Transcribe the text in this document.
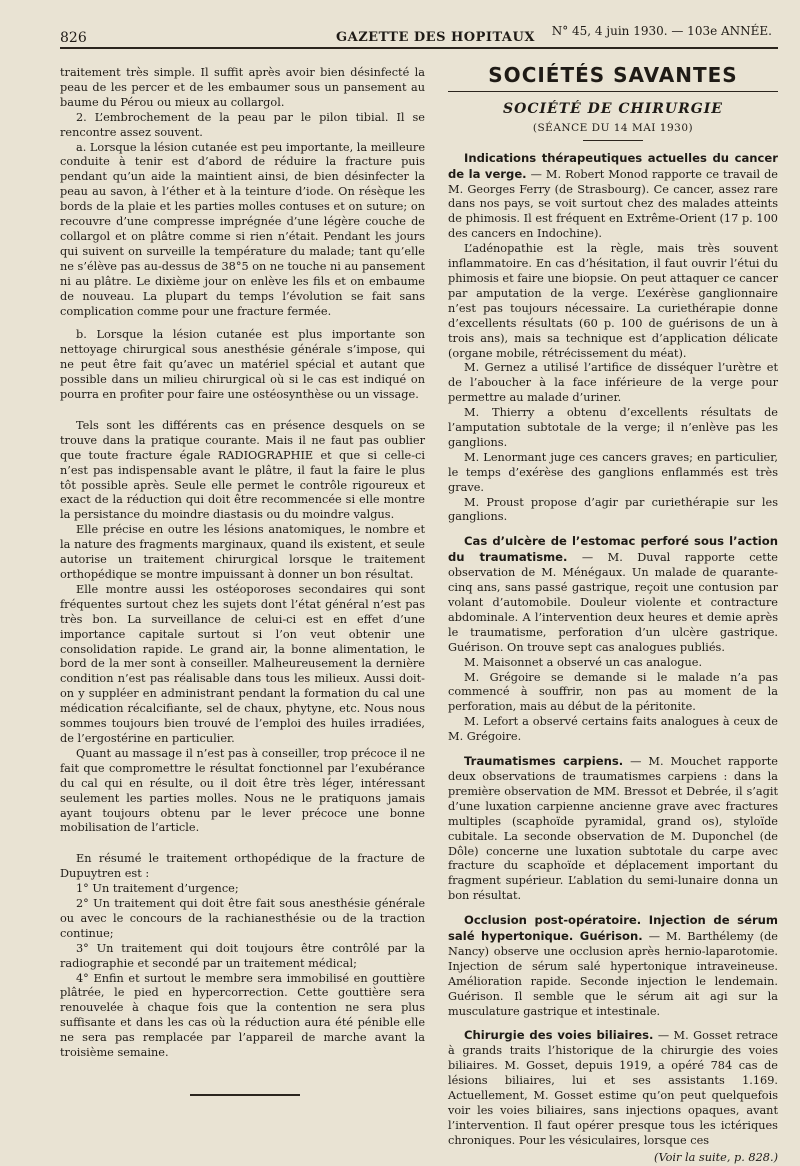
826	GAZETTE DES HOPITAUX N° 45, 4 juin 1930. — 103e ANNÉE.

traitement très simple. Il suffit après avoir bien désinfecté la peau de les percer et de les embaumer sous un pansement au baume du Pérou ou mieux au collargol.

2. L’embrochement de la peau par le pilon tibial. Il se rencontre assez souvent.

a. Lorsque la lésion cutanée est peu importante, la meilleure conduite à tenir est d’abord de réduire la fracture puis pendant qu’un aide la maintient ainsi, de bien désinfecter la peau au savon, à l’éther et à la teinture d’iode. On résèque les bords de la plaie et les parties molles contuses et on suture; on recouvre d’une compresse imprégnée d’une légère couche de collargol et on plâtre comme si rien n’était. Pendant les jours qui suivent on surveille la température du malade; tant qu’elle ne s’élève pas au-dessus de 38°5 on ne touche ni au pansement ni au plâtre. Le dixième jour on enlève les fils et on embaume de nouveau. La plupart du temps l’évolution se fait sans complication comme pour une fracture fermée.

b. Lorsque la lésion cutanée est plus importante son nettoyage chirurgical sous anesthésie générale s’impose, qui ne peut être fait qu’avec un matériel spécial et autant que possible dans un milieu chirurgical où si le cas est indiqué on pourra en profiter pour faire une ostéosynthèse ou un vissage.

Tels sont les différents cas en présence desquels on se trouve dans la pratique courante. Mais il ne faut pas oublier que toute fracture égale RADIOGRAPHIE et que si celle-ci n’est pas indispensable avant le plâtre, il faut la faire le plus tôt possible après. Seule elle permet le contrôle rigoureux et exact de la réduction qui doit être recommencée si elle montre la persistance du moindre diastasis ou du moindre valgus.

Elle précise en outre les lésions anatomiques, le nombre et la nature des fragments marginaux, quand ils existent, et seule autorise un traitement chirurgical lorsque le traitement orthopédique se montre impuissant à donner un bon résultat.

Elle montre aussi les ostéoporoses secondaires qui sont fréquentes surtout chez les sujets dont l’état général n’est pas très bon. La surveillance de celui-ci est en effet d’une importance capitale surtout si l’on veut obtenir une consolidation rapide. Le grand air, la bonne alimentation, le bord de la mer sont à conseiller. Malheureusement la dernière condition n’est pas réalisable dans tous les milieux. Aussi doit-on y suppléer en administrant pendant la formation du cal une médication récalcifiante, sel de chaux, phytyne, etc. Nous nous sommes toujours bien trouvé de l’emploi des huiles irradiées, de l’ergostérine en particulier.

Quant au massage il n’est pas à conseiller, trop précoce il ne fait que compromettre le résultat fonctionnel par l’exubérance du cal qui en résulte, ou il doit être très léger, intéressant seulement les parties molles. Nous ne le pratiquons jamais ayant toujours obtenu par le lever précoce une bonne mobilisation de l’article.

En résumé le traitement orthopédique de la fracture de Dupuytren est :

1° Un traitement d’urgence;

2° Un traitement qui doit être fait sous anesthésie générale ou avec le concours de la rachianesthésie ou de la traction continue;

3° Un traitement qui doit toujours être contrôlé par la radiographie et secondé par un traitement médical;

4° Enfin et surtout le membre sera immobilisé en gouttière plâtrée, le pied en hypercorrection. Cette gouttière sera renouvelée à chaque fois que la contention ne sera plus suffisante et dans les cas où la réduction aura été pénible elle ne sera pas remplacée par l’appareil de marche avant la troisième semaine.

SOCIÉTÉS SAVANTES
SOCIÉTÉ DE CHIRURGIE
(SÉANCE DU 14 MAI 1930)

Indications thérapeutiques actuelles du cancer de la verge. — M. Robert Monod rapporte ce travail de M. Georges Ferry (de Strasbourg). Ce cancer, assez rare dans nos pays, se voit surtout chez des malades atteints de phimosis. Il est fréquent en Extrême-Orient (17 p. 100 des cancers en Indochine).

L’adénopathie est la règle, mais très souvent inflammatoire. En cas d’hésitation, il faut ouvrir l’étui du phimosis et faire une biopsie. On peut attaquer ce cancer par amputation de la verge. L’exérèse ganglionnaire n’est pas toujours nécessaire. La curiethérapie donne d’excellents résultats (60 p. 100 de guérisons de un à trois ans), mais sa technique est d’application délicate (organe mobile, rétrécissement du méat).

M. Gernez a utilisé l’artifice de disséquer l’urètre et de l’aboucher à la face inférieure de la verge pour permettre au malade d’uriner.

M. Thierry a obtenu d’excellents résultats de l’amputation subtotale de la verge; il n’enlève pas les ganglions.

M. Lenormant juge ces cancers graves; en particulier, le temps d’exérèse des ganglions enflammés est très grave.

M. Proust propose d’agir par curiethérapie sur les ganglions.

Cas d’ulcère de l’estomac perforé sous l’action du traumatisme. — M. Duval rapporte cette observation de M. Ménégaux. Un malade de quarante-cinq ans, sans passé gastrique, reçoit une contusion par volant d’automobile. Douleur violente et contracture abdominale. A l’intervention deux heures et demie après le traumatisme, perforation d’un ulcère gastrique. Guérison. On trouve sept cas analogues publiés.

M. Maisonnet a observé un cas analogue.

M. Grégoire se demande si le malade n’a pas commencé à souffrir, non pas au moment de la perforation, mais au début de la péritonite.

M. Lefort a observé certains faits analogues à ceux de M. Grégoire.

Traumatismes carpiens. — M. Mouchet rapporte deux observations de traumatismes carpiens : dans la première observation de MM. Bressot et Debrée, il s’agit d’une luxation carpienne ancienne grave avec fractures multiples (scaphoïde pyramidal, grand os), styloïde cubitale. La seconde observation de M. Duponchel (de Dôle) concerne une luxation subtotale du carpe avec fracture du scaphoïde et déplacement important du fragment supérieur. L’ablation du semi-lunaire donna un bon résultat.

Occlusion post-opératoire. Injection de sérum salé hypertonique. Guérison. — M. Barthélemy (de Nancy) observe une occlusion après hernio-laparotomie. Injection de sérum salé hypertonique intraveineuse. Amélioration rapide. Seconde injection le lendemain. Guérison. Il semble que le sérum ait agi sur la musculature gastrique et intestinale.

Chirurgie des voies biliaires. — M. Gosset retrace à grands traits l’historique de la chirurgie des voies biliaires. M. Gosset, depuis 1919, a opéré 784 cas de lésions biliaires, lui et ses assistants 1.169. Actuellement, M. Gosset estime qu’on peut quelquefois voir les voies biliaires, sans injections opaques, avant l’intervention. Il faut opérer presque tous les ictériques chroniques. Pour les vésiculaires, lorsque ces

(Voir la suite, p. 828.)
